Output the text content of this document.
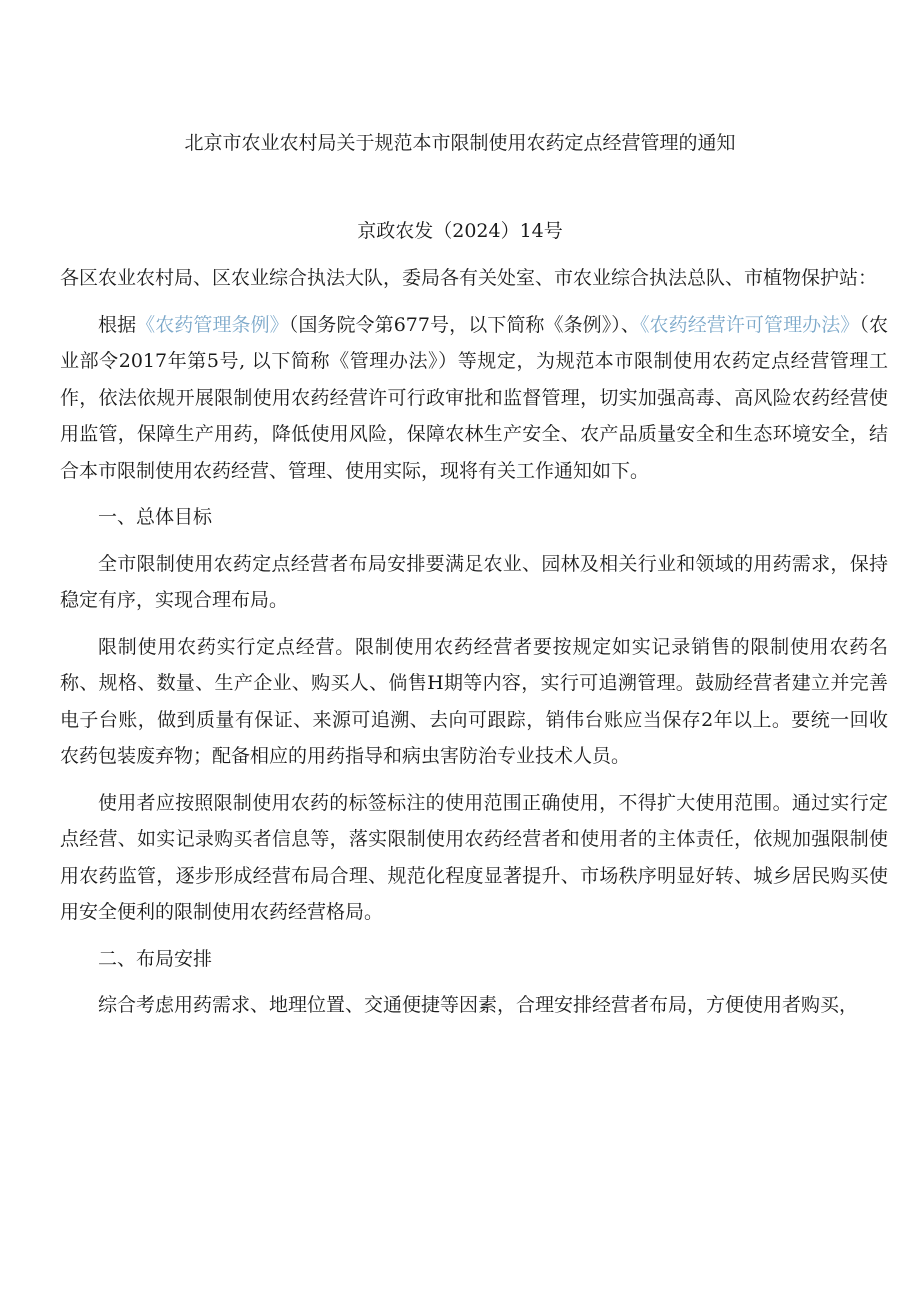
北京市农业农村局关于规范本市限制使用农药定点经营管理的通知
京政农发（2024）14号

各区农业农村局、区农业综合执法大队，委局各有关处室、市农业综合执法总队、市植物保护站：

根据《农药管理条例》（国务院令第677号，以下简称《条例》）、《农药经营许可管理办法》（农业部令2017年第5号, 以下简称《管理办法》）等规定，为规范本市限制使用农药定点经营管理工作，依法依规开展限制使用农药经营许可行政审批和监督管理，切实加强高毒、高风险农药经营使用监管，保障生产用药，降低使用风险，保障农林生产安全、农产品质量安全和生态环境安全，结合本市限制使用农药经营、管理、使用实际，现将有关工作通知如下。

一、总体目标

全市限制使用农药定点经营者布局安排要满足农业、园林及相关行业和领域的用药需求，保持稳定有序，实现合理布局。

限制使用农药实行定点经营。限制使用农药经营者要按规定如实记录销售的限制使用农药名称、规格、数量、生产企业、购买人、倘售H期等内容，实行可追溯管理。鼓励经营者建立并完善电子台账，做到质量有保证、来源可追溯、去向可跟踪，销伟台账应当保存2年以上。要统一回收农药包装废弃物；配备相应的用药指导和病虫害防治专业技术人员。

使用者应按照限制使用农药的标签标注的使用范围正确使用，不得扩大使用范围。通过实行定点经营、如实记录购买者信息等，落实限制使用农药经营者和使用者的主体责任，依规加强限制使用农药监管，逐步形成经营布局合理、规范化程度显著提升、市场秩序明显好转、城乡居民购买使用安全便利的限制使用农药经营格局。

二、布局安排

综合考虑用药需求、地理位置、交通便捷等因素，合理安排经营者布局，方便使用者购买，
